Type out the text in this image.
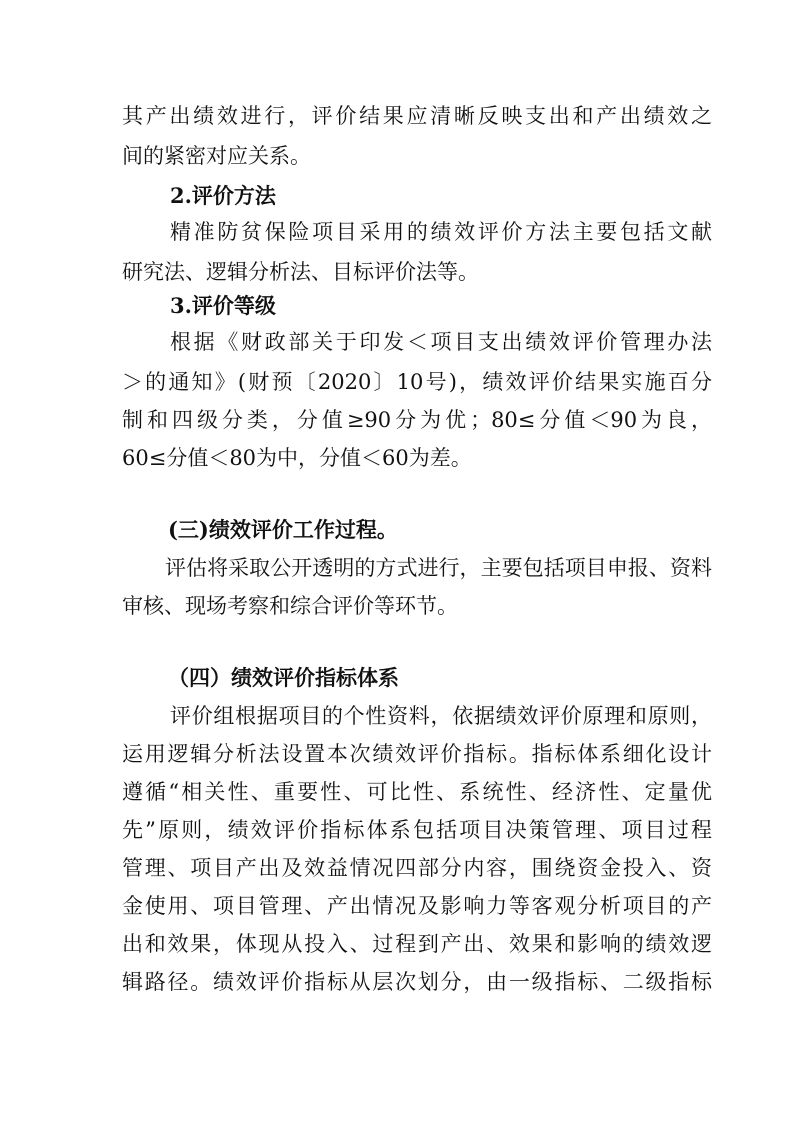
其产出绩效进行，评价结果应清晰反映支出和产出绩效之
间的紧密对应关系。
2.评价方法
精准防贫保险项目采用的绩效评价方法主要包括文献
研究法、逻辑分析法、目标评价法等。
3.评价等级
根据《财政部关于印发＜项目支出绩效评价管理办法
＞的通知》(财预〔2020〕10号)，绩效评价结果实施百分
制和四级分类，分值≥90分为优；80≤分值＜90为良，
60≤分值＜80为中，分值＜60为差。
(三)绩效评价工作过程。
评估将采取公开透明的方式进行，主要包括项目申报、资料
审核、现场考察和综合评价等环节。
（四）绩效评价指标体系
评价组根据项目的个性资料，依据绩效评价原理和原则，
运用逻辑分析法设置本次绩效评价指标。指标体系细化设计
遵循“相关性、重要性、可比性、系统性、经济性、定量优
先”原则，绩效评价指标体系包括项目决策管理、项目过程
管理、项目产出及效益情况四部分内容，围绕资金投入、资
金使用、项目管理、产出情况及影响力等客观分析项目的产
出和效果，体现从投入、过程到产出、效果和影响的绩效逻
辑路径。绩效评价指标从层次划分，由一级指标、二级指标
